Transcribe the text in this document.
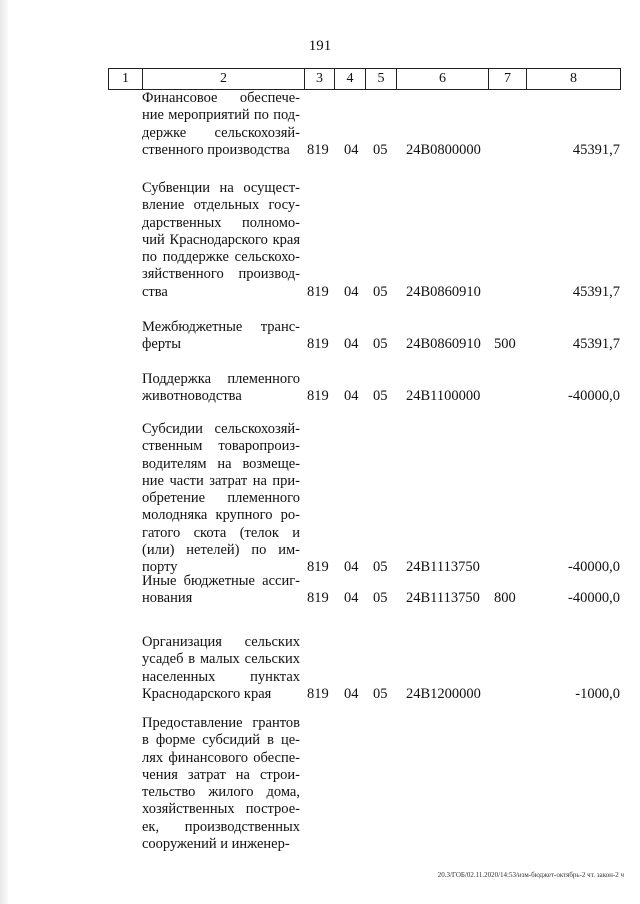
191
1	2	3	4	5	6	7	8
Финансовое обеспече-
ние мероприятий по под-
держке сельскохозяй-
ственного производства	819 04 05 24В0800000	45391,7
Субвенции на осущест-
вление отдельных госу-
дарственных полномо-
чий Краснодарского края
по поддержке сельскохо-
зяйственного производ-
ства	819 04 05 24В0860910	45391,7
Межбюджетные транс-
ферты	819 04 05 24В0860910 500	45391,7
Поддержка племенного
животноводства	819 04 05 24В1100000	-40000,0
Субсидии сельскохозяй-
ственным товаропроиз-
водителям на возмеще-
ние части затрат на при-
обретение племенного
молодняка крупного ро-
гатого скота (телок и
(или) нетелей) по им-
порту	819 04 05 24В1113750	-40000,0
Иные бюджетные ассиг-
нования	819 04 05 24В1113750 800	-40000,0
Организация сельских
усадеб в малых сельских
населенных пунктах
Краснодарского края	819 04 05 24В1200000	-1000,0
Предоставление грантов
в форме субсидий в це-
лях финансового обеспе-
чения затрат на строи-
тельство жилого дома,
хозяйственных построе-
ек, производственных
сооружений и инженер-
20.3/ГОБ/02.11.2020/14:53/изм-бюджет-октябрь-2 чт. закон-2 ч
